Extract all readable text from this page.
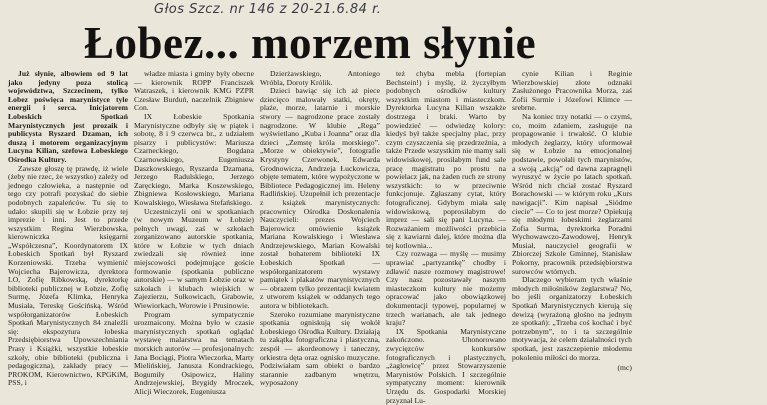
Głos Szcz. nr 146 z 20-21.6.84 r.
Łobez... morzem słynie

Już słynie, albowiem od 9 lat jako jedyny poza stolicą województwa, Szczecinem, tylko Łobez poświęca marynistyce tyle energii i serca. Inicjatorem Łobeskich Spotkań Marynistycznych jest prozaik i publicysta Ryszard Dzaman, ich duszą i motorem organizacyjnym Lucyna Kilian, szefowa Łobeskiego Ośrodka Kultury.

Zawsze głoszę tę prawdę, iż wiele (żeby nie rzec, że wszystko) zależy od jednego człowieka, a następnie od tego czy potrafi pozyskać do siebie podobnych zapaleńców. Tu się to udało: skupili się w Łobzie przy tej imprezie i inni. Jest to przede wszystkim Regina Wierzbowska, kierowniczka księgarni „Współczesna”, Koordynatorem IX Łobeskich Spotkań był Ryszard Korzeniowski. Trzeba wymienić Wojciecha Bajerowicza, dyrektora LO, Zofię Ribkowską, dyrektorkę biblioteki publicznej w Łobzie, Zofię Surmę, Józefa Klimka, Henryka Musiała, Tereskę Gościńską. Wśród współorganizatorów Łobeskich Spotkań Marynistycznych 84 znaleźli się: ekspozytura łobeska Przedsiębiorstwa Upowszechniania Prasy i Książki, wszystkie łobeskie szkoły, obie biblioteki (publiczna i pedagogiczna), zakłady pracy — PROKOM, Kierownictwo, KPGKiM, PSS, i

władze miasta i gminy były obecne — kierownik ROPP Franciszek Watraszek, i kierownik KMG PZPR Czesław Burduń, naczelnik Zbigniew Con.

IX Łobeskie Spotkania Marynistyczne odbyły się w piątek i sobotę, 8 i 9 czerwca br., z udziałem pisarzy i publicystów: Mariusza Czarneckiego, Bogdana Czarnowskiego, Eugeniusza Daszkowskiego, Ryszarda Dzamana, Jerzego Radulskiego, Jerzego Zaręckiego, Marka Koszewskiego, Zbigniewa Kosłowskiego, Mariana Kowalskiego, Wiesława Stefańskiego.

Uczestniczyli oni w spotkaniach (w nowym Muzeum w Łobzie) pełnych uwagi, zaś w szkołach zorganizowano autorskie spotkania, które w Łobzie w tych dniach zwiedzali się również inne miejscowości podejmujące goście formowanie (spotkania publiczne autorskie) — w samym Łobzie oraz w szkołach i klubach wiejskich w Zajezierzu, Sułkowicach, Grabowie, Wiewiorkach, Worowie i Prusinowie.

Program sympatycznie urozmaicony. Można było w czasie marynistycznych spotkań oglądać wystawę malarstwa na tematach morskich autorów — profesjonalnych: Jana Bociągi, Piotra Wieczorka, Marty Mielińskiej, Janusza Kondrackiego, Bogumiły Osipowicz, Haliny Andrzejewskiej, Brygidy Mroczek, Alicji Wieczorek, Eugeniusza

Dzierżawskiego, Antoniego Wróbla, Doroty Królik.

Dzieci bawiąc się ich aż piece dziecięco malowały statki, okręty, plaże, morze, latarnie i morskie stwory — nagrodzone prace zostały nagrodzone. W klubie „Rega” wyświetlano „Kuba i Joanna” oraz dla dzieci „Zemstę króla morskiego”. „Morze w obiektywie”, fotografie Krystyny Czerwonek, Edwarda Grodnowicza, Andrzeja Łuckowicza, objęte tematem, które wypożyczone w Bibliotece Pedagogicznej im. Heleny Radlińskiej. Uzupełnił ich prezentacje z książek marynistycznych: pracownicy Ośrodka Doskonalenia Nauczycieli: prezes Wojciech Bajerowicz omówienie książek Mariana Kowalskiego i Wiesława Andrzejewskiego, Marian Kowalski został bohaterem biblioteki IX Łobeskich Spotkań — współorganizatorem wystawy pamiątek i plakatów marynistycznych — obrazem tylko prezentacji kwiatem z utworem książek w oddanych tego autora w bibliotekach.

Szeroko rozumiane marynistyczne spotkania ogniskują się wokół Łobeskiego Ośrodka Kultury. Działają tu zakątka fotograficzna i plastyczna, zespół — akordeonowy i taneczny, orkiestra dęta oraz ognisko muzyczne. Podziwiałam sam obiekt o bardzo starannie zadbanym wnętrzu, wyposażony

też chyba mebla (fortepian Bechstein!) i myślę, iż życzyłbym podobnych ośrodków kultury wszystkim miastom i miasteczkom. Dyrektorka Lucyna Kilian wszakże dostrzega i braki. Warto by powiedzieć — odwiedzę kolory: kiedyś był także specjalny plac, przy czym czyszczenia się przedrzeźnia, a także Przede wszystkim nie mamy sali widowiskowej, prosiłabym fund sale pracę magistratu po prostu na powielacz jak, na żaden ruch ze strony wszystkich: to w przeciwnie funkcjonuje. Zgłaszany cytat, który fotograficznej. Gdybym miała salę widowiskową, poprosiłabym do imprez — sali się pani Lucyna. — Rozważaniem możliwości przebicia się z kawiarni dalej, które można dla tej kotlownia...

Czy rozwaga — myślę — musimy uprawiać „partyzantkę” chodby i zdławić nasze rozmowy magistrowe! Czy nasz pozostawały naszym miasteczkom kultury nie możemy opracować jako obowiązkowej dokumentacji typowej, popularnej w trzech warianach, ale tak jednego kraju?

IX Spotkania Marynistyczne zakończono. Uhonorowano zwycięzców konkursów fotograficznych i plastycznych, „żaglowicę” przez Stowarzyszenie Marynistów Polskich. I szczególnie sympatyczny moment: kierownik Urzędu ds. Gospodarki Morskiej przyznał Lu-

cynie Kilian i Reginie Wierzbowskiej złote odznaki Zasłużonego Pracownika Morza, zaś Zofii Surmie i Józefowi Klimce — srebrne.

Na koniec trzy notatki — o czymś, co, moim zdaniem, zasługuje na propagowanie i trwałość. O klubie młodych żeglarzy, który uformował się w Łobzie na emocjonalnej podstawie, powołali tych marynistów, a swoją „akcją” od dawna zapragnęli wyruszyć w życie po latach spotkań. Wśród nich chciał zostać Ryszard Borachowski — w którym roku „Kurs nawigacji”. Kim napisał „Siódme ciecie” — Co to jest morze? Opiekują się młodymi łobeskimi żeglarzami Zofia Surma, dyrektorka Poradni Wychowawczo-Zawodowej, Henryk Musiał, nauczyciel geografii w Zbiorczej Szkole Gminnej, Stanisław Pokorny, pracownik przedsiębiorstwa surowców wtórnych.

Dlaczego wybieram tych właśnie młodych miłośników żeglarstwa? No, bo jeśli organizatorzy Łobeskich Spotkań Marynistycznych kierują się dewizą (wyrażoną głośno na jednym ze spotkań): „Trzeba coś kochać i być potrzebnym”, to i ta szczególnie motywacja, że celem działalności tych spotkań, jest zaszczepienie młodemu pokoleniu miłości do morza.

(mc)
